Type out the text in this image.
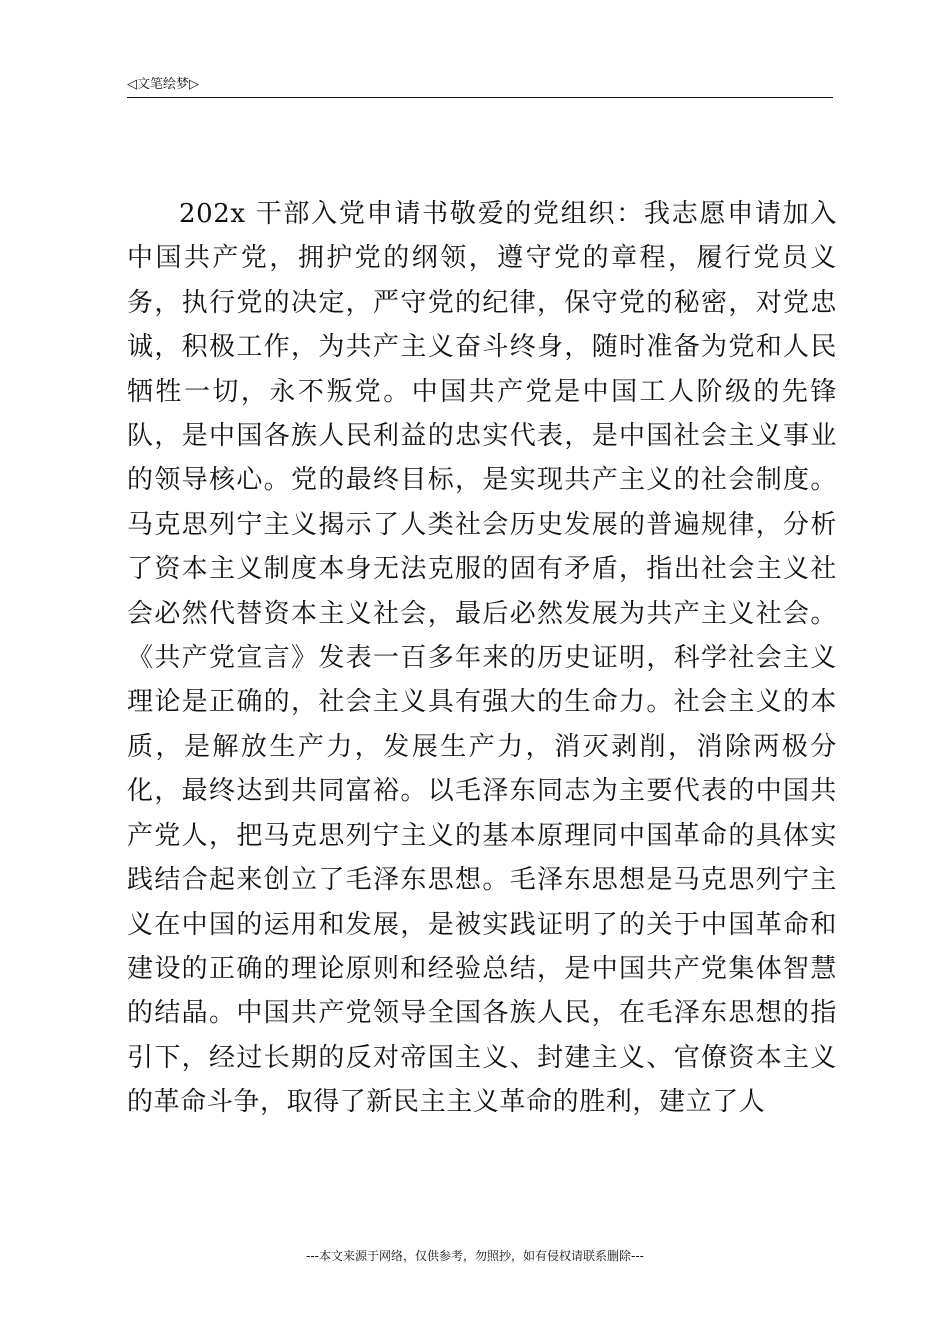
◁文笔绘梦▷

202x 干部入党申请书敬爱的党组织：我志愿申请加入中国共产党，拥护党的纲领，遵守党的章程，履行党员义务，执行党的决定，严守党的纪律，保守党的秘密，对党忠诚，积极工作，为共产主义奋斗终身，随时准备为党和人民牺牲一切，永不叛党。中国共产党是中国工人阶级的先锋队，是中国各族人民利益的忠实代表，是中国社会主义事业的领导核心。党的最终目标，是实现共产主义的社会制度。马克思列宁主义揭示了人类社会历史发展的普遍规律，分析了资本主义制度本身无法克服的固有矛盾，指出社会主义社会必然代替资本主义社会，最后必然发展为共产主义社会。《共产党宣言》发表一百多年来的历史证明，科学社会主义理论是正确的，社会主义具有强大的生命力。社会主义的本质，是解放生产力，发展生产力，消灭剥削，消除两极分化，最终达到共同富裕。以毛泽东同志为主要代表的中国共产党人，把马克思列宁主义的基本原理同中国革命的具体实践结合起来创立了毛泽东思想。毛泽东思想是马克思列宁主义在中国的运用和发展，是被实践证明了的关于中国革命和建设的正确的理论原则和经验总结，是中国共产党集体智慧的结晶。中国共产党领导全国各族人民，在毛泽东思想的指引下，经过长期的反对帝国主义、封建主义、官僚资本主义的革命斗争，取得了新民主主义革命的胜利，建立了人

---本文来源于网络，仅供参考，勿照抄，如有侵权请联系删除---
